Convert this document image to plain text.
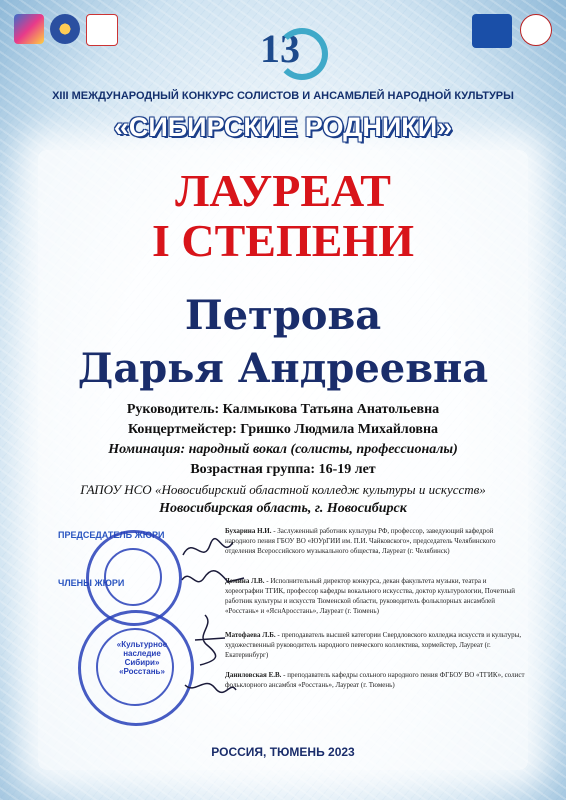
13
XIII МЕЖДУНАРОДНЫЙ КОНКУРС СОЛИСТОВ И АНСАМБЛЕЙ НАРОДНОЙ КУЛЬТУРЫ
«СИБИРСКИЕ РОДНИКИ»
ЛАУРЕАТ
I СТЕПЕНИ
Петрова
Дарья Андреевна
Руководитель: Калмыкова Татьяна Анатольевна
Концертмейстер: Гришко Людмила Михайловна
Номинация: народный вокал (солисты, профессионалы)
Возрастная группа: 16-19 лет
ГАПОУ НСО «Новосибирский областной колледж культуры и искусств»
Новосибирская область, г. Новосибирск
ПРЕДСЕДАТЕЛЬ ЖЮРИ
ЧЛЕНЫ ЖЮРИ
«Культурное наследие Сибири» «Росстань»
Бухарина Н.И. - Заслуженный работник культуры РФ, профессор, заведующий кафедрой народного пения ГБОУ ВО «ЮУрГИИ им. П.И. Чайковского», председатель Челябинского отделения Всероссийского музыкального общества, Лауреат (г. Челябинск)
Демина Л.В. - Исполнительный директор конкурса, декан факультета музыки, театра и хореографии ТГИК, профессор кафедры вокального искусства, доктор культурологии, Почетный работник культуры и искусств Тюменской области, руководитель фольклорных ансамблей «Росстань» и «ЯснАросстань», Лауреат (г. Тюмень)
Матофаева Л.Б. - преподаватель высшей категории Свердловского колледжа искусств и культуры, художественный руководитель народного певческого коллектива, хормейстер, Лауреат (г. Екатеринбург)
Даниловская Е.В. - преподаватель кафедры сольного народного пения ФГБОУ ВО «ТГИК», солист фольклорного ансамбля «Росстань», Лауреат (г. Тюмень)
РОССИЯ, ТЮМЕНЬ 2023
